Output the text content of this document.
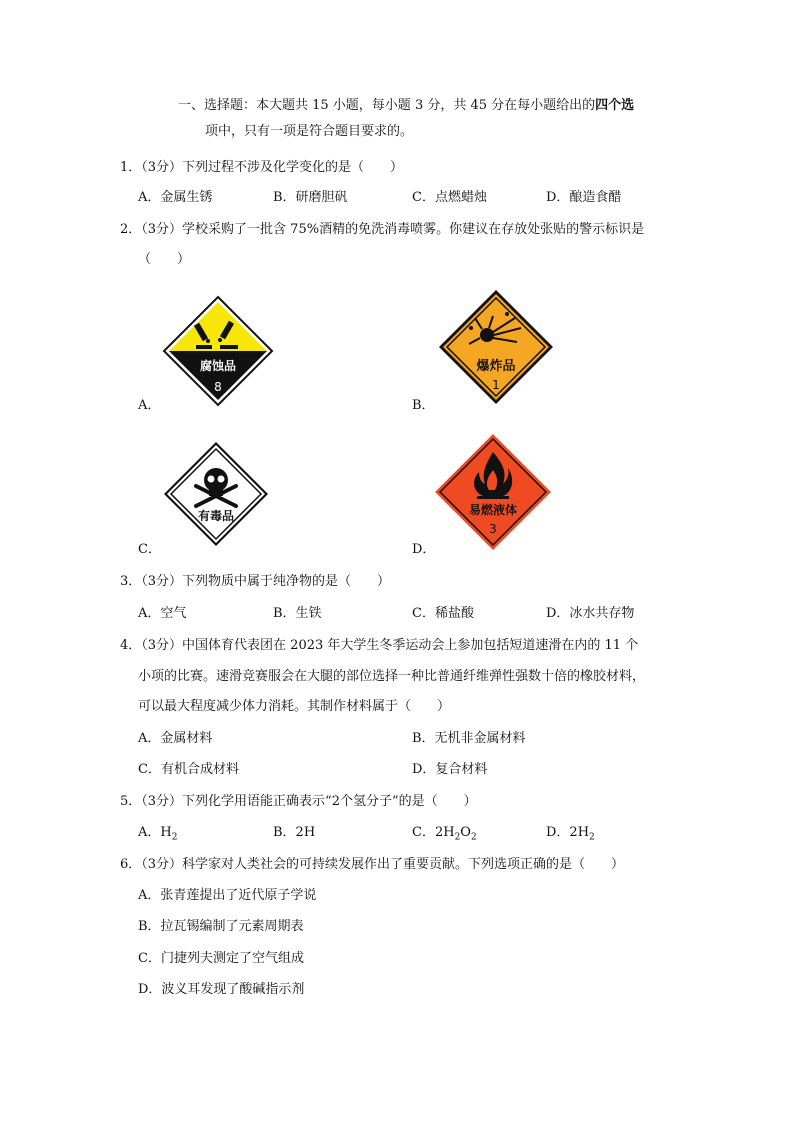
一、选择题：本大题共 15 小题，每小题 3 分，共 45 分在每小题给出的四个选
项中，只有一项是符合题目要求的。
1．（3分）下列过程不涉及化学变化的是（　　）
A．金属生锈	B．研磨胆矾	C．点燃蜡烛	D．酿造食醋
2．（3分）学校采购了一批含 75%酒精的免洗消毒喷雾。你建议在存放处张贴的警示标识是
（　　）
腐蚀品
8
A．
爆炸品
1
B．
有毒品
C．
易燃液体
3
D．
3．（3分）下列物质中属于纯净物的是（　　）
A．空气	B．生铁	C．稀盐酸	D．冰水共存物
4．（3分）中国体育代表团在 2023 年大学生冬季运动会上参加包括短道速滑在内的 11 个
小项的比赛。速滑竞赛服会在大腿的部位选择一种比普通纤维弹性强数十倍的橡胶材料，
可以最大程度减少体力消耗。其制作材料属于（　　）
A．金属材料	B．无机非金属材料
C．有机合成材料	D．复合材料
5．（3分）下列化学用语能正确表示“2个氢分子”的是（　　）
A．$H_2$	B．2H	C．$2H_2O_2$	D．$2H_2$
6．（3分）科学家对人类社会的可持续发展作出了重要贡献。下列选项正确的是（　　）
A．张青莲提出了近代原子学说
B．拉瓦锡编制了元素周期表
C．门捷列夫测定了空气组成
D．波义耳发现了酸碱指示剂
